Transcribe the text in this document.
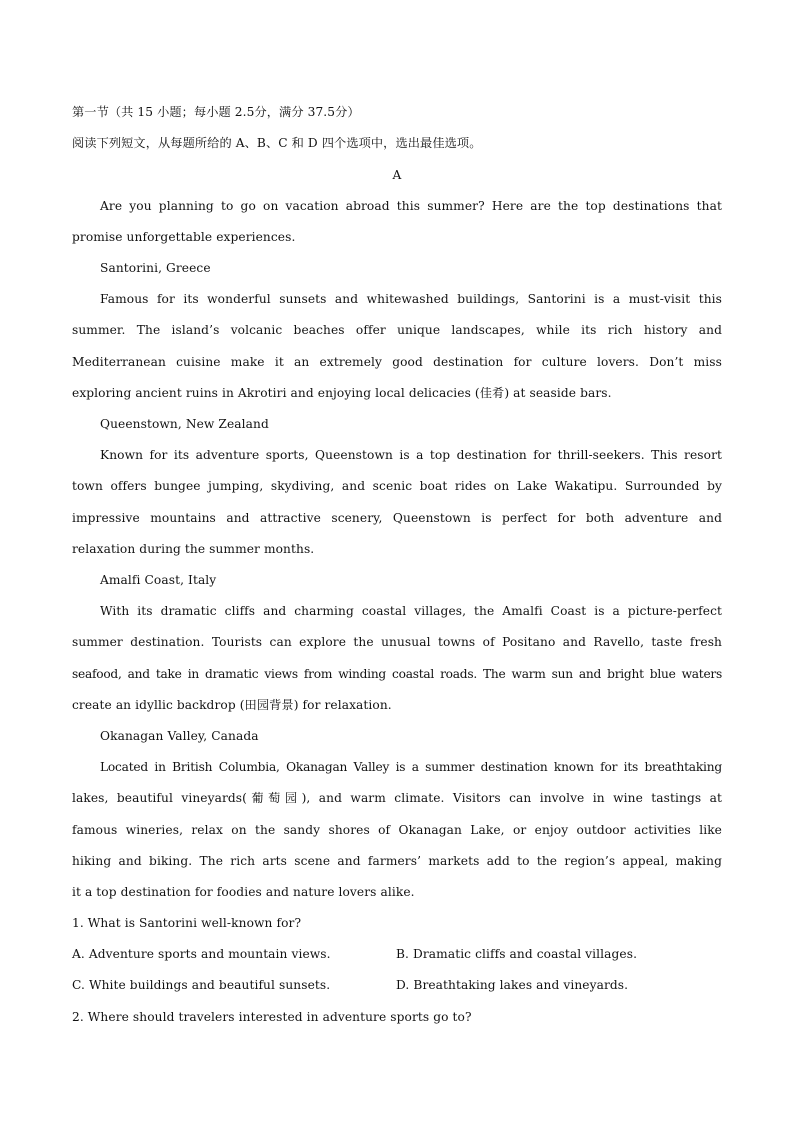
第一节（共 15 小题；每小题 2.5分，满分 37.5分）
阅读下列短文，从每题所给的 A、B、C 和 D 四个选项中，选出最佳选项。
A
Are you planning to go on vacation abroad this summer? Here are the top destinations that
promise unforgettable experiences.
Santorini, Greece
Famous for its wonderful sunsets and whitewashed buildings, Santorini is a must-visit this
summer. The island’s volcanic beaches offer unique landscapes, while its rich history and
Mediterranean cuisine make it an extremely good destination for culture lovers. Don’t miss
exploring ancient ruins in Akrotiri and enjoying local delicacies (佳肴) at seaside bars.
Queenstown, New Zealand
Known for its adventure sports, Queenstown is a top destination for thrill-seekers. This resort
town offers bungee jumping, skydiving, and scenic boat rides on Lake Wakatipu. Surrounded by
impressive mountains and attractive scenery, Queenstown is perfect for both adventure and
relaxation during the summer months.
Amalfi Coast, Italy
With its dramatic cliffs and charming coastal villages, the Amalfi Coast is a picture-perfect
summer destination. Tourists can explore the unusual towns of Positano and Ravello, taste fresh
seafood, and take in dramatic views from winding coastal roads. The warm sun and bright blue waters
create an idyllic backdrop (田园背景) for relaxation.
Okanagan Valley, Canada
Located in British Columbia, Okanagan Valley is a summer destination known for its breathtaking
lakes, beautiful vineyards(葡萄园), and warm climate. Visitors can involve in wine tastings at
famous wineries, relax on the sandy shores of Okanagan Lake, or enjoy outdoor activities like
hiking and biking. The rich arts scene and farmers’ markets add to the region’s appeal, making
it a top destination for foodies and nature lovers alike.
1. What is Santorini well-known for?
A. Adventure sports and mountain views.	B. Dramatic cliffs and coastal villages.
C. White buildings and beautiful sunsets.	D. Breathtaking lakes and vineyards.
2. Where should travelers interested in adventure sports go to?
